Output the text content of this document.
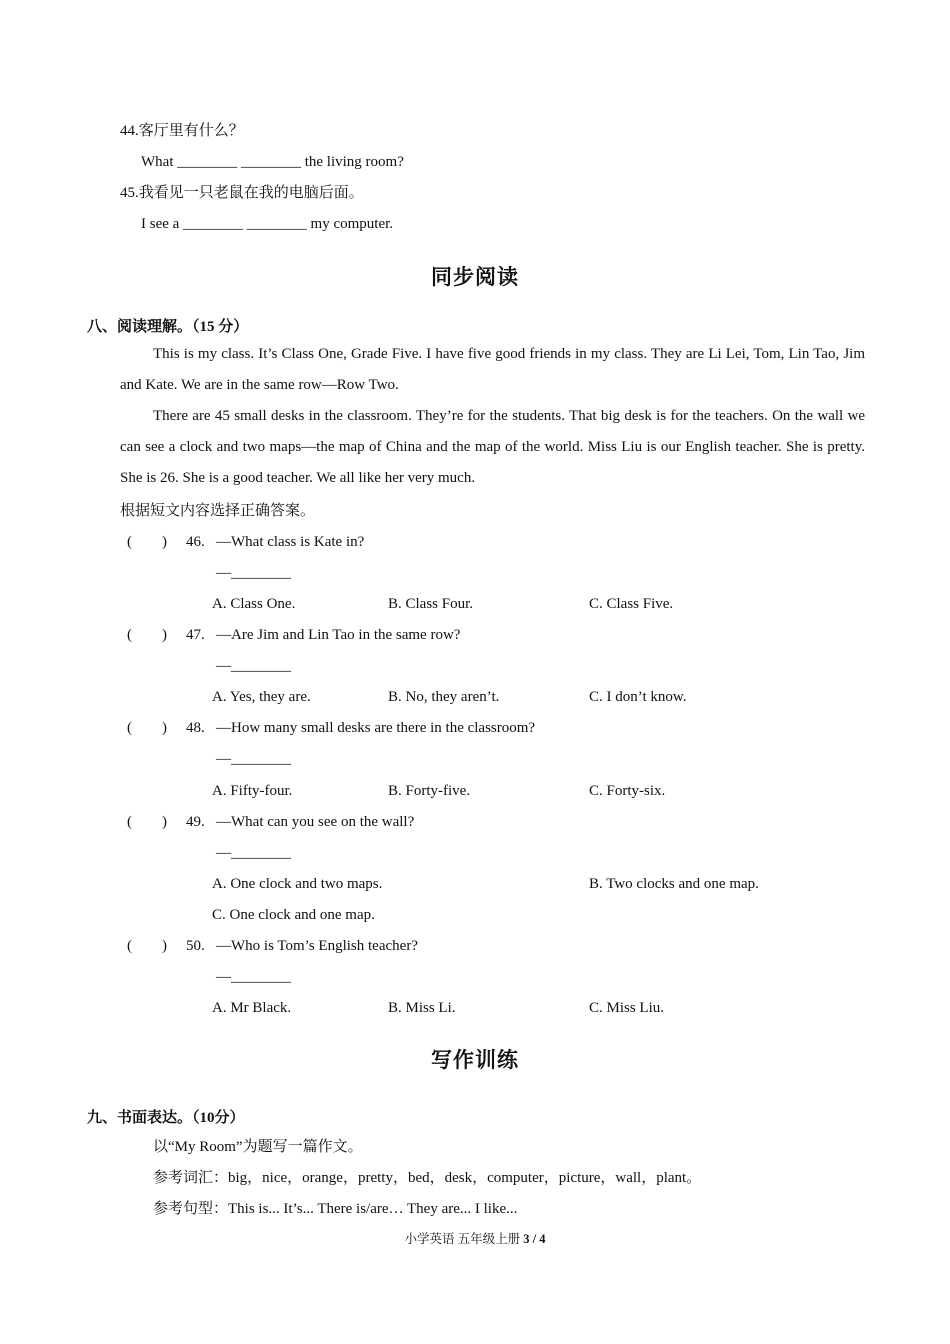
44.客厅里有什么？
What ________ ________ the living room?
45.我看见一只老鼠在我的电脑后面。
I see a ________ ________ my computer.
同步阅读
八、阅读理解。（15 分）

This is my class. It’s Class One, Grade Five. I have five good friends in my class. They are Li Lei, Tom, Lin Tao, Jim and Kate. We are in the same row—Row Two.

There are 45 small desks in the classroom. They’re for the students. That big desk is for the teachers. On the wall we can see a clock and two maps—the map of China and the map of the world. Miss Liu is our English teacher. She is pretty. She is 26. She is a good teacher. We all like her very much.

根据短文内容选择正确答案。
(        ) 46. —What class is Kate in?
—________
A. Class One.	B. Class Four.	C. Class Five.
(        ) 47. —Are Jim and Lin Tao in the same row?
—________
A. Yes, they are.	B. No, they aren’t.	C. I don’t know.
(        ) 48. —How many small desks are there in the classroom?
—________
A. Fifty-four.	B. Forty-five.	C. Forty-six.
(        ) 49. —What can you see on the wall?
—________
A. One clock and two maps.	B. Two clocks and one map.
C. One clock and one map.
(        ) 50. —Who is Tom’s English teacher?
—________
A. Mr Black.	B. Miss Li.	C. Miss Liu.
写作训练
九、书面表达。（10分）
以“My Room”为题写一篇作文。
参考词汇：big，nice，orange，pretty，bed，desk，computer，picture，wall，plant。
参考句型：This is... It’s... There is/are… They are... I like...
小学英语 五年级上册 3 / 4
